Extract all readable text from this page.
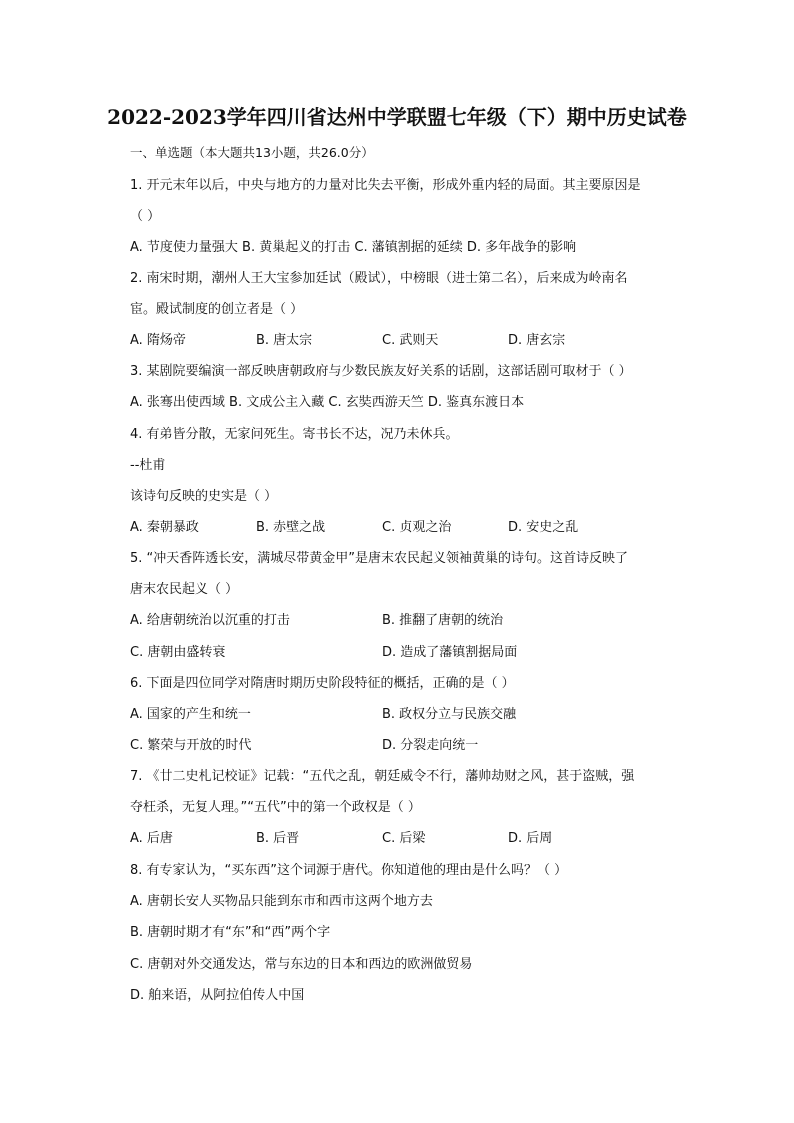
2022-2023学年四川省达州中学联盟七年级（下）期中历史试卷
一、单选题（本大题共13小题，共26.0分）
1. 开元末年以后，中央与地方的力量对比失去平衡，形成外重内轻的局面。其主要原因是
（ ）
A. 节度使力量强大 B. 黄巢起义的打击 C. 藩镇割据的延续 D. 多年战争的影响
2. 南宋时期，潮州人王大宝参加廷试（殿试），中榜眼（进士第二名），后来成为岭南名
宦。殿试制度的创立者是（ ）
A. 隋炀帝	B. 唐太宗	C. 武则天	D. 唐玄宗
3. 某剧院要编演一部反映唐朝政府与少数民族友好关系的话剧，这部话剧可取材于（ ）
A. 张骞出使西域 B. 文成公主入藏 C. 玄奘西游天竺 D. 鉴真东渡日本
4. 有弟皆分散，无家问死生。寄书长不达，况乃未休兵。
--杜甫
该诗句反映的史实是（ ）
A. 秦朝暴政	B. 赤壁之战	C. 贞观之治	D. 安史之乱
5. “冲天香阵透长安，满城尽带黄金甲”是唐末农民起义领袖黄巢的诗句。这首诗反映了
唐末农民起义（ ）
A. 给唐朝统治以沉重的打击	B. 推翻了唐朝的统治
C. 唐朝由盛转衰	D. 造成了藩镇割据局面
6. 下面是四位同学对隋唐时期历史阶段特征的概括，正确的是（ ）
A. 国家的产生和统一	B. 政权分立与民族交融
C. 繁荣与开放的时代	D. 分裂走向统一
7. 《廿二史札记校证》记载：“五代之乱，朝廷威令不行，藩帅劫财之风，甚于盗贼，强
夺枉杀，无复人理。”“五代”中的第一个政权是（ ）
A. 后唐	B. 后晋	C. 后梁	D. 后周
8. 有专家认为，“买东西”这个词源于唐代。你知道他的理由是什么吗？（ ）
A. 唐朝长安人买物品只能到东市和西市这两个地方去
B. 唐朝时期才有“东”和“西”两个字
C. 唐朝对外交通发达，常与东边的日本和西边的欧洲做贸易
D. 舶来语，从阿拉伯传人中国
